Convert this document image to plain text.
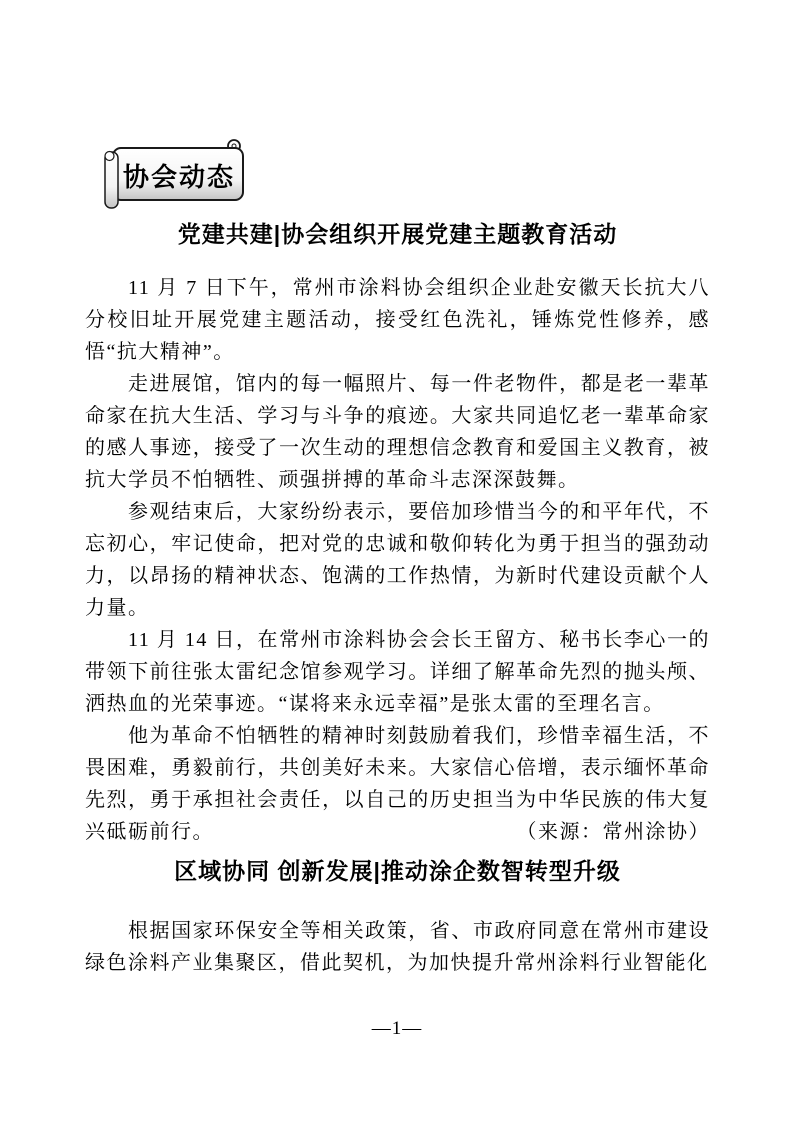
协会动态
党建共建|协会组织开展党建主题教育活动

11 月 7 日下午，常州市涂料协会组织企业赴安徽天长抗大八分校旧址开展党建主题活动，接受红色洗礼，锤炼党性修养，感悟“抗大精神”。

走进展馆，馆内的每一幅照片、每一件老物件，都是老一辈革命家在抗大生活、学习与斗争的痕迹。大家共同追忆老一辈革命家的感人事迹，接受了一次生动的理想信念教育和爱国主义教育，被抗大学员不怕牺牲、顽强拼搏的革命斗志深深鼓舞。

参观结束后，大家纷纷表示，要倍加珍惜当今的和平年代，不忘初心，牢记使命，把对党的忠诚和敬仰转化为勇于担当的强劲动力，以昂扬的精神状态、饱满的工作热情，为新时代建设贡献个人力量。

11 月 14 日，在常州市涂料协会会长王留方、秘书长李心一的带领下前往张太雷纪念馆参观学习。详细了解革命先烈的抛头颅、洒热血的光荣事迹。“谋将来永远幸福”是张太雷的至理名言。

他为革命不怕牺牲的精神时刻鼓励着我们，珍惜幸福生活，不畏困难，勇毅前行，共创美好未来。大家信心倍增，表示缅怀革命先烈，勇于承担社会责任，以自己的历史担当为中华民族的伟大复兴砥砺前行。	（来源：常州涂协）

区域协同 创新发展|推动涂企数智转型升级

根据国家环保安全等相关政策，省、市政府同意在常州市建设绿色涂料产业集聚区，借此契机，为加快提升常州涂料行业智能化

—1—
